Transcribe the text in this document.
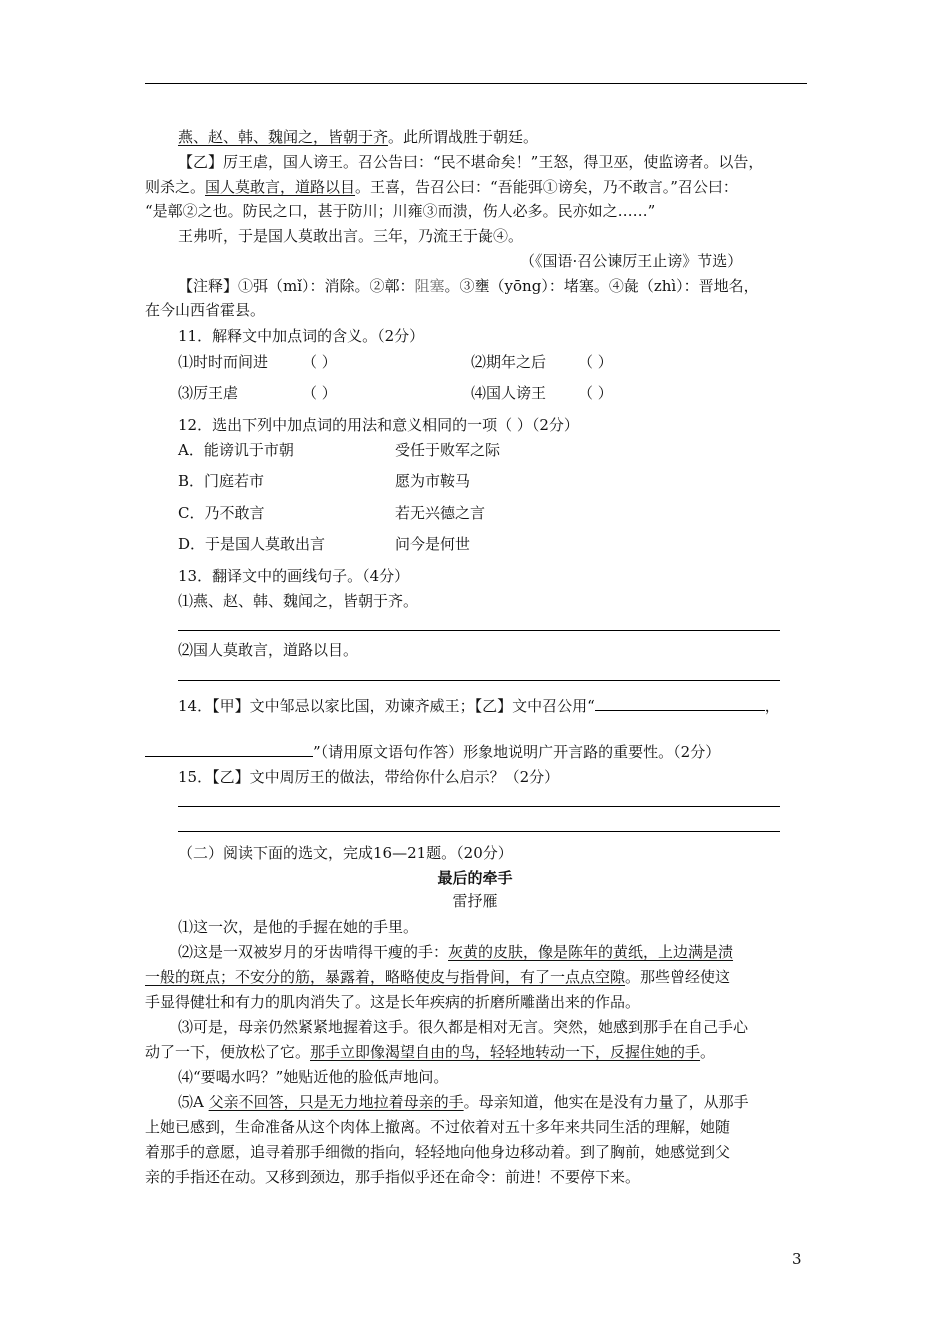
燕、赵、韩、魏闻之，皆朝于齐。此所谓战胜于朝廷。
【乙】厉王虐，国人谤王。召公告曰：“民不堪命矣！”王怒，得卫巫，使监谤者。以告，
则杀之。国人莫敢言，道路以目。王喜，告召公曰：“吾能弭①谤矣，乃不敢言。”召公曰：
“是鄣②之也。防民之口，甚于防川；川雍③而溃，伤人必多。民亦如之……”
王弗听，于是国人莫敢出言。三年，乃流王于彘④。
（《国语·召公谏厉王止谤》节选）
【注释】①弭（mǐ）：消除。②鄣：阻塞。③壅（yōng）：堵塞。④彘（zhì）：晋地名，
在今山西省霍县。
11．解释文中加点词的含义。（2分）
⑴时时而间进 （ ）	⑵期年之后 （ ）
⑶厉王虐	（ ）	⑷国人谤王 （ ）
12．选出下列中加点词的用法和意义相同的一项（ ）（2分）
A．能谤讥于市朝	受任于败军之际
B．门庭若市	愿为市鞍马
C．乃不敢言	若无兴德之言
D．于是国人莫敢出言	问今是何世
13．翻译文中的画线句子。（4分）
⑴燕、赵、韩、魏闻之，皆朝于齐。
⑵国人莫敢言，道路以目。
14．【甲】文中邹忌以家比国，劝谏齐威王；【乙】文中召公用“	，
”（请用原文语句作答）形象地说明广开言路的重要性。（2分）
15．【乙】文中周厉王的做法，带给你什么启示？（2分）
（二）阅读下面的选文，完成16—21题。（20分）
最后的牵手
雷抒雁
⑴这一次，是他的手握在她的手里。
⑵这是一双被岁月的牙齿啃得干瘦的手：灰黄的皮肤，像是陈年的黄纸，上边满是渍
一般的斑点；不安分的筋，暴露着，略略使皮与指骨间，有了一点点空隙。那些曾经使这
手显得健壮和有力的肌肉消失了。这是长年疾病的折磨所雕凿出来的作品。
⑶可是，母亲仍然紧紧地握着这手。很久都是相对无言。突然，她感到那手在自己手心
动了一下，便放松了它。那手立即像渴望自由的鸟，轻轻地转动一下，反握住她的手。
⑷“要喝水吗？”她贴近他的脸低声地问。
⑸A 父亲不回答，只是无力地拉着母亲的手。母亲知道，他实在是没有力量了，从那手
上她已感到，生命准备从这个肉体上撤离。不过依着对五十多年来共同生活的理解，她随
着那手的意愿，追寻着那手细微的指向，轻轻地向他身边移动着。到了胸前，她感觉到父
亲的手指还在动。又移到颈边，那手指似乎还在命令：前进！不要停下来。
3
